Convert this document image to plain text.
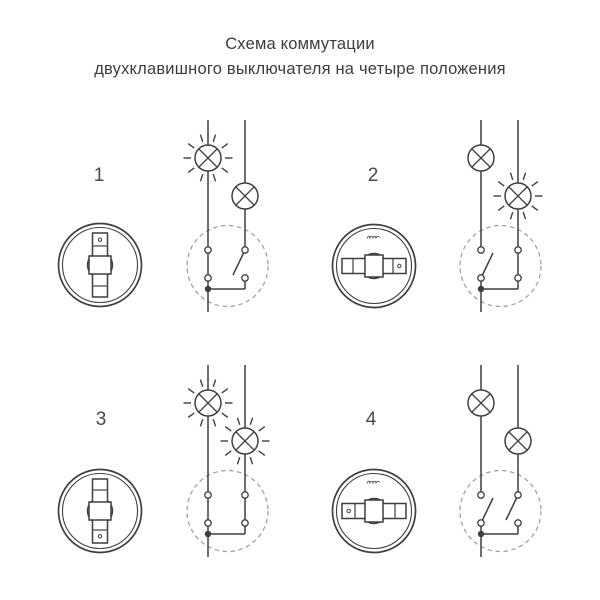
Схема коммутации
двухклавишного выключателя на четыре положения
1	2
3	4
